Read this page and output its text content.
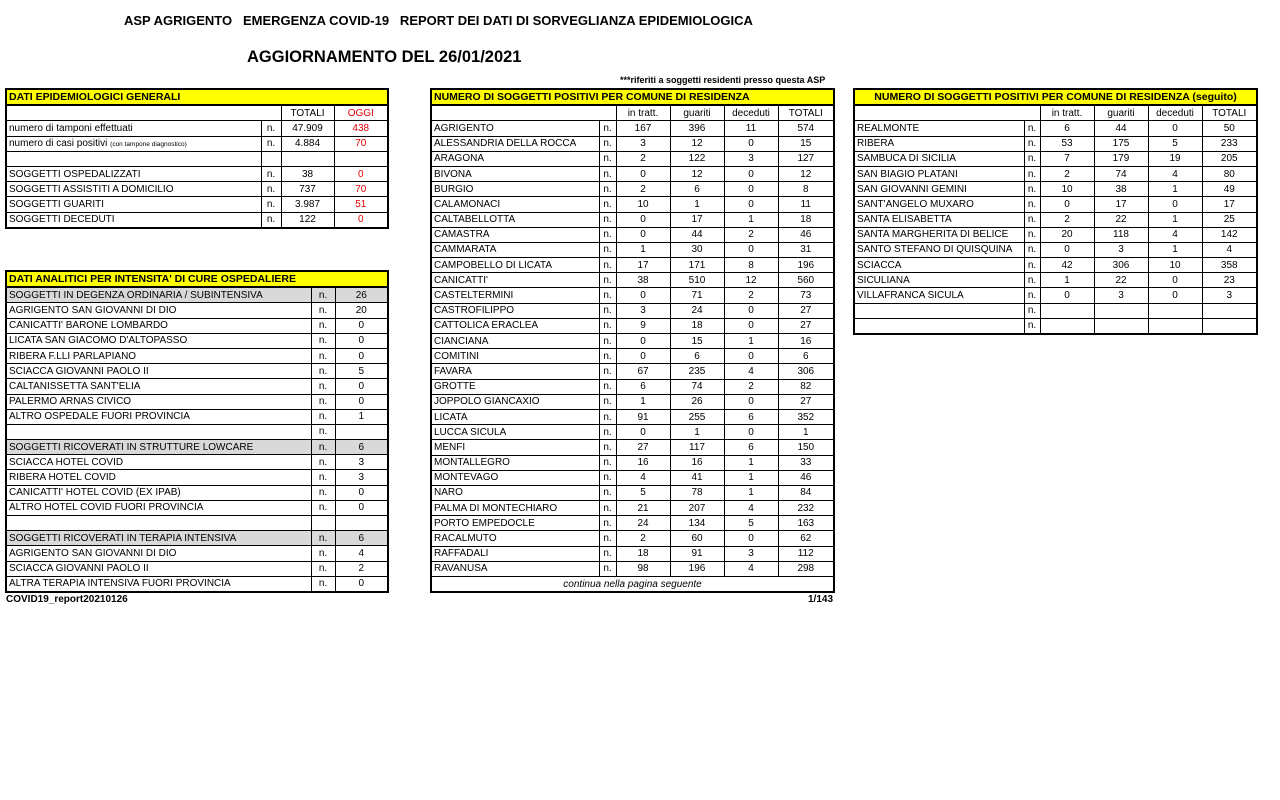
ASP AGRIGENTO   EMERGENZA COVID-19   REPORT DEI DATI DI SORVEGLIANZA EPIDEMIOLOGICA
AGGIORNAMENTO DEL 26/01/2021
***riferiti a soggetti residenti presso questa ASP
DATI EPIDEMIOLOGICI GENERALI			
		TOTALI	OGGI
numero di tamponi effettuati	n.	47.909	438
numero di casi positivi (con tampone diagnostico)	n.	4.884	70

SOGGETTI OSPEDALIZZATI	n.	38	0
SOGGETTI ASSISTITI A DOMICILIO	n.	737	70
SOGGETTI GUARITI	n.	3.987	51
SOGGETTI DECEDUTI	n.	122	0
DATI ANALITICI PER INTENSITA' DI CURE OSPEDALIERE		
SOGGETTI IN DEGENZA ORDINARIA / SUBINTENSIVA	n.	26
AGRIGENTO SAN GIOVANNI DI DIO	n.	20
CANICATTI' BARONE LOMBARDO	n.	0
LICATA SAN GIACOMO D'ALTOPASSO	n.	0
RIBERA F.LLI PARLAPIANO	n.	0
SCIACCA GIOVANNI PAOLO II	n.	5
CALTANISSETTA SANT'ELIA	n.	0
PALERMO ARNAS CIVICO	n.	0
ALTRO OSPEDALE FUORI PROVINCIA	n.	1
	n.	
SOGGETTI RICOVERATI IN STRUTTURE LOWCARE	n.	6
SCIACCA HOTEL COVID	n.	3
RIBERA HOTEL COVID	n.	3
CANICATTI' HOTEL COVID (EX IPAB)	n.	0
ALTRO HOTEL COVID FUORI PROVINCIA	n.	0

SOGGETTI RICOVERATI IN TERAPIA INTENSIVA	n.	6
AGRIGENTO SAN GIOVANNI DI DIO	n.	4
SCIACCA GIOVANNI PAOLO II	n.	2
ALTRA TERAPIA INTENSIVA FUORI PROVINCIA	n.	0
NUMERO DI SOGGETTI POSITIVI PER COMUNE DI RESIDENZA					
		in tratt.	guariti	deceduti	TOTALI
AGRIGENTO	n.	167	396	11	574
ALESSANDRIA DELLA ROCCA	n.	3	12	0	15
ARAGONA	n.	2	122	3	127
BIVONA	n.	0	12	0	12
BURGIO	n.	2	6	0	8
CALAMONACI	n.	10	1	0	11
CALTABELLOTTA	n.	0	17	1	18
CAMASTRA	n.	0	44	2	46
CAMMARATA	n.	1	30	0	31
CAMPOBELLO DI LICATA	n.	17	171	8	196
CANICATTI'	n.	38	510	12	560
CASTELTERMINI	n.	0	71	2	73
CASTROFILIPPO	n.	3	24	0	27
CATTOLICA ERACLEA	n.	9	18	0	27
CIANCIANA	n.	0	15	1	16
COMITINI	n.	0	6	0	6
FAVARA	n.	67	235	4	306
GROTTE	n.	6	74	2	82
JOPPOLO GIANCAXIO	n.	1	26	0	27
LICATA	n.	91	255	6	352
LUCCA SICULA	n.	0	1	0	1
MENFI	n.	27	117	6	150
MONTALLEGRO	n.	16	16	1	33
MONTEVAGO	n.	4	41	1	46
NARO	n.	5	78	1	84
PALMA DI MONTECHIARO	n.	21	207	4	232
PORTO EMPEDOCLE	n.	24	134	5	163
RACALMUTO	n.	2	60	0	62
RAFFADALI	n.	18	91	3	112
RAVANUSA	n.	98	196	4	298
continua nella pagina seguente					
NUMERO DI SOGGETTI POSITIVI PER COMUNE DI RESIDENZA (seguito)					
		in tratt.	guariti	deceduti	TOTALI
REALMONTE	n.	6	44	0	50
RIBERA	n.	53	175	5	233
SAMBUCA DI SICILIA	n.	7	179	19	205
SAN BIAGIO PLATANI	n.	2	74	4	80
SAN GIOVANNI GEMINI	n.	10	38	1	49
SANT'ANGELO MUXARO	n.	0	17	0	17
SANTA ELISABETTA	n.	2	22	1	25
SANTA MARGHERITA DI BELICE	n.	20	118	4	142
SANTO STEFANO DI QUISQUINA	n.	0	3	1	4
SCIACCA	n.	42	306	10	358
SICULIANA	n.	1	22	0	23
VILLAFRANCA SICULA	n.	0	3	0	3
	n.				
	n.				
COVID19_report20210126	1/143
